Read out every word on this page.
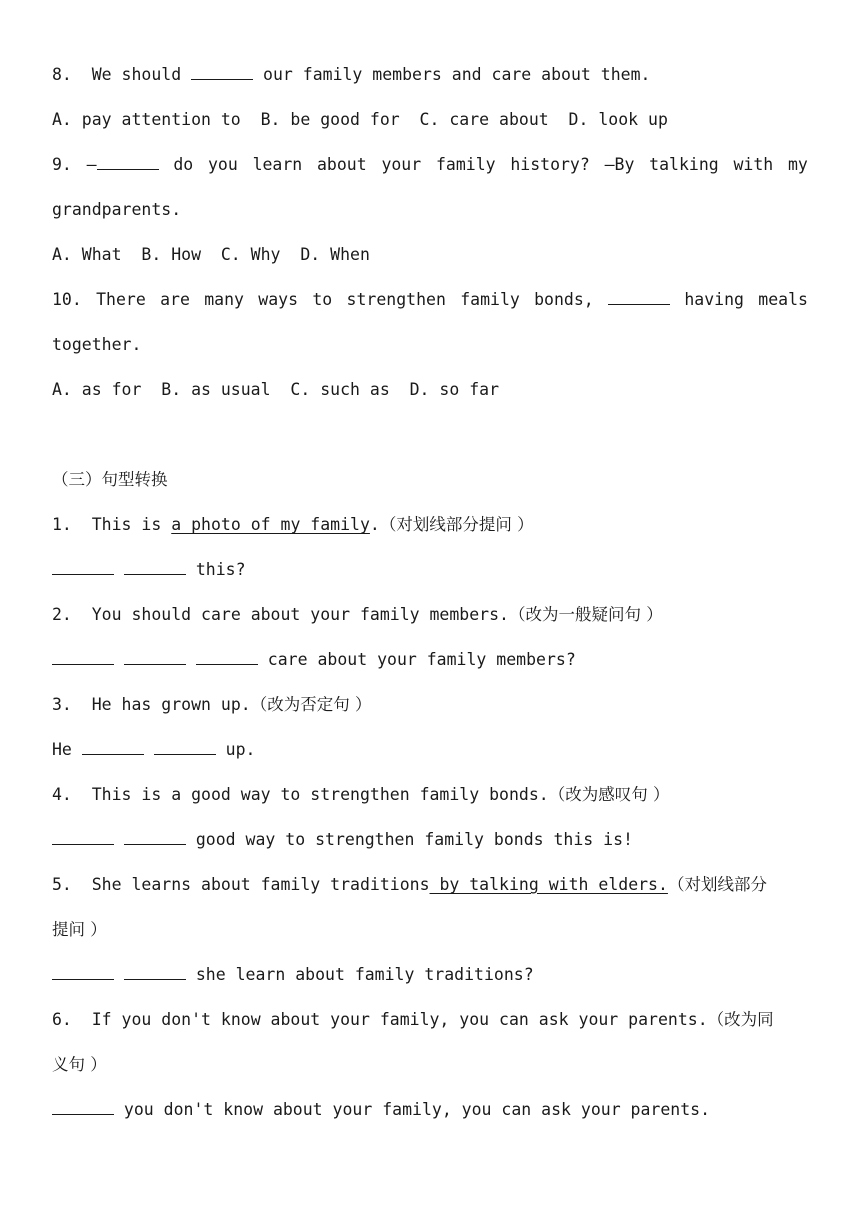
8. We should	our family members and care about them.
A. pay attention to  B. be good for  C. care about  D. look up
9. —	do you learn about your family history? —By talking with my
grandparents.
A. What  B. How  C. Why  D. When
10. There are many ways to strengthen family bonds,	having meals
together.
A. as for  B. as usual  C. such as  D. so far
（三）句型转换
1. This is a photo of my family.（对划线部分提问 ）
this?
2. You should care about your family members.（改为一般疑问句 ）
care about your family members?
3. He has grown up.（改为否定句 ）
He	up.
4. This is a good way to strengthen family bonds.（改为感叹句 ）
good way to strengthen family bonds this is!
5. She learns about family traditions by talking with elders.（对划线部分
提问 ）
she learn about family traditions?
6. If you don't know about your family, you can ask your parents.（改为同
义句 ）
you don't know about your family, you can ask your parents.
